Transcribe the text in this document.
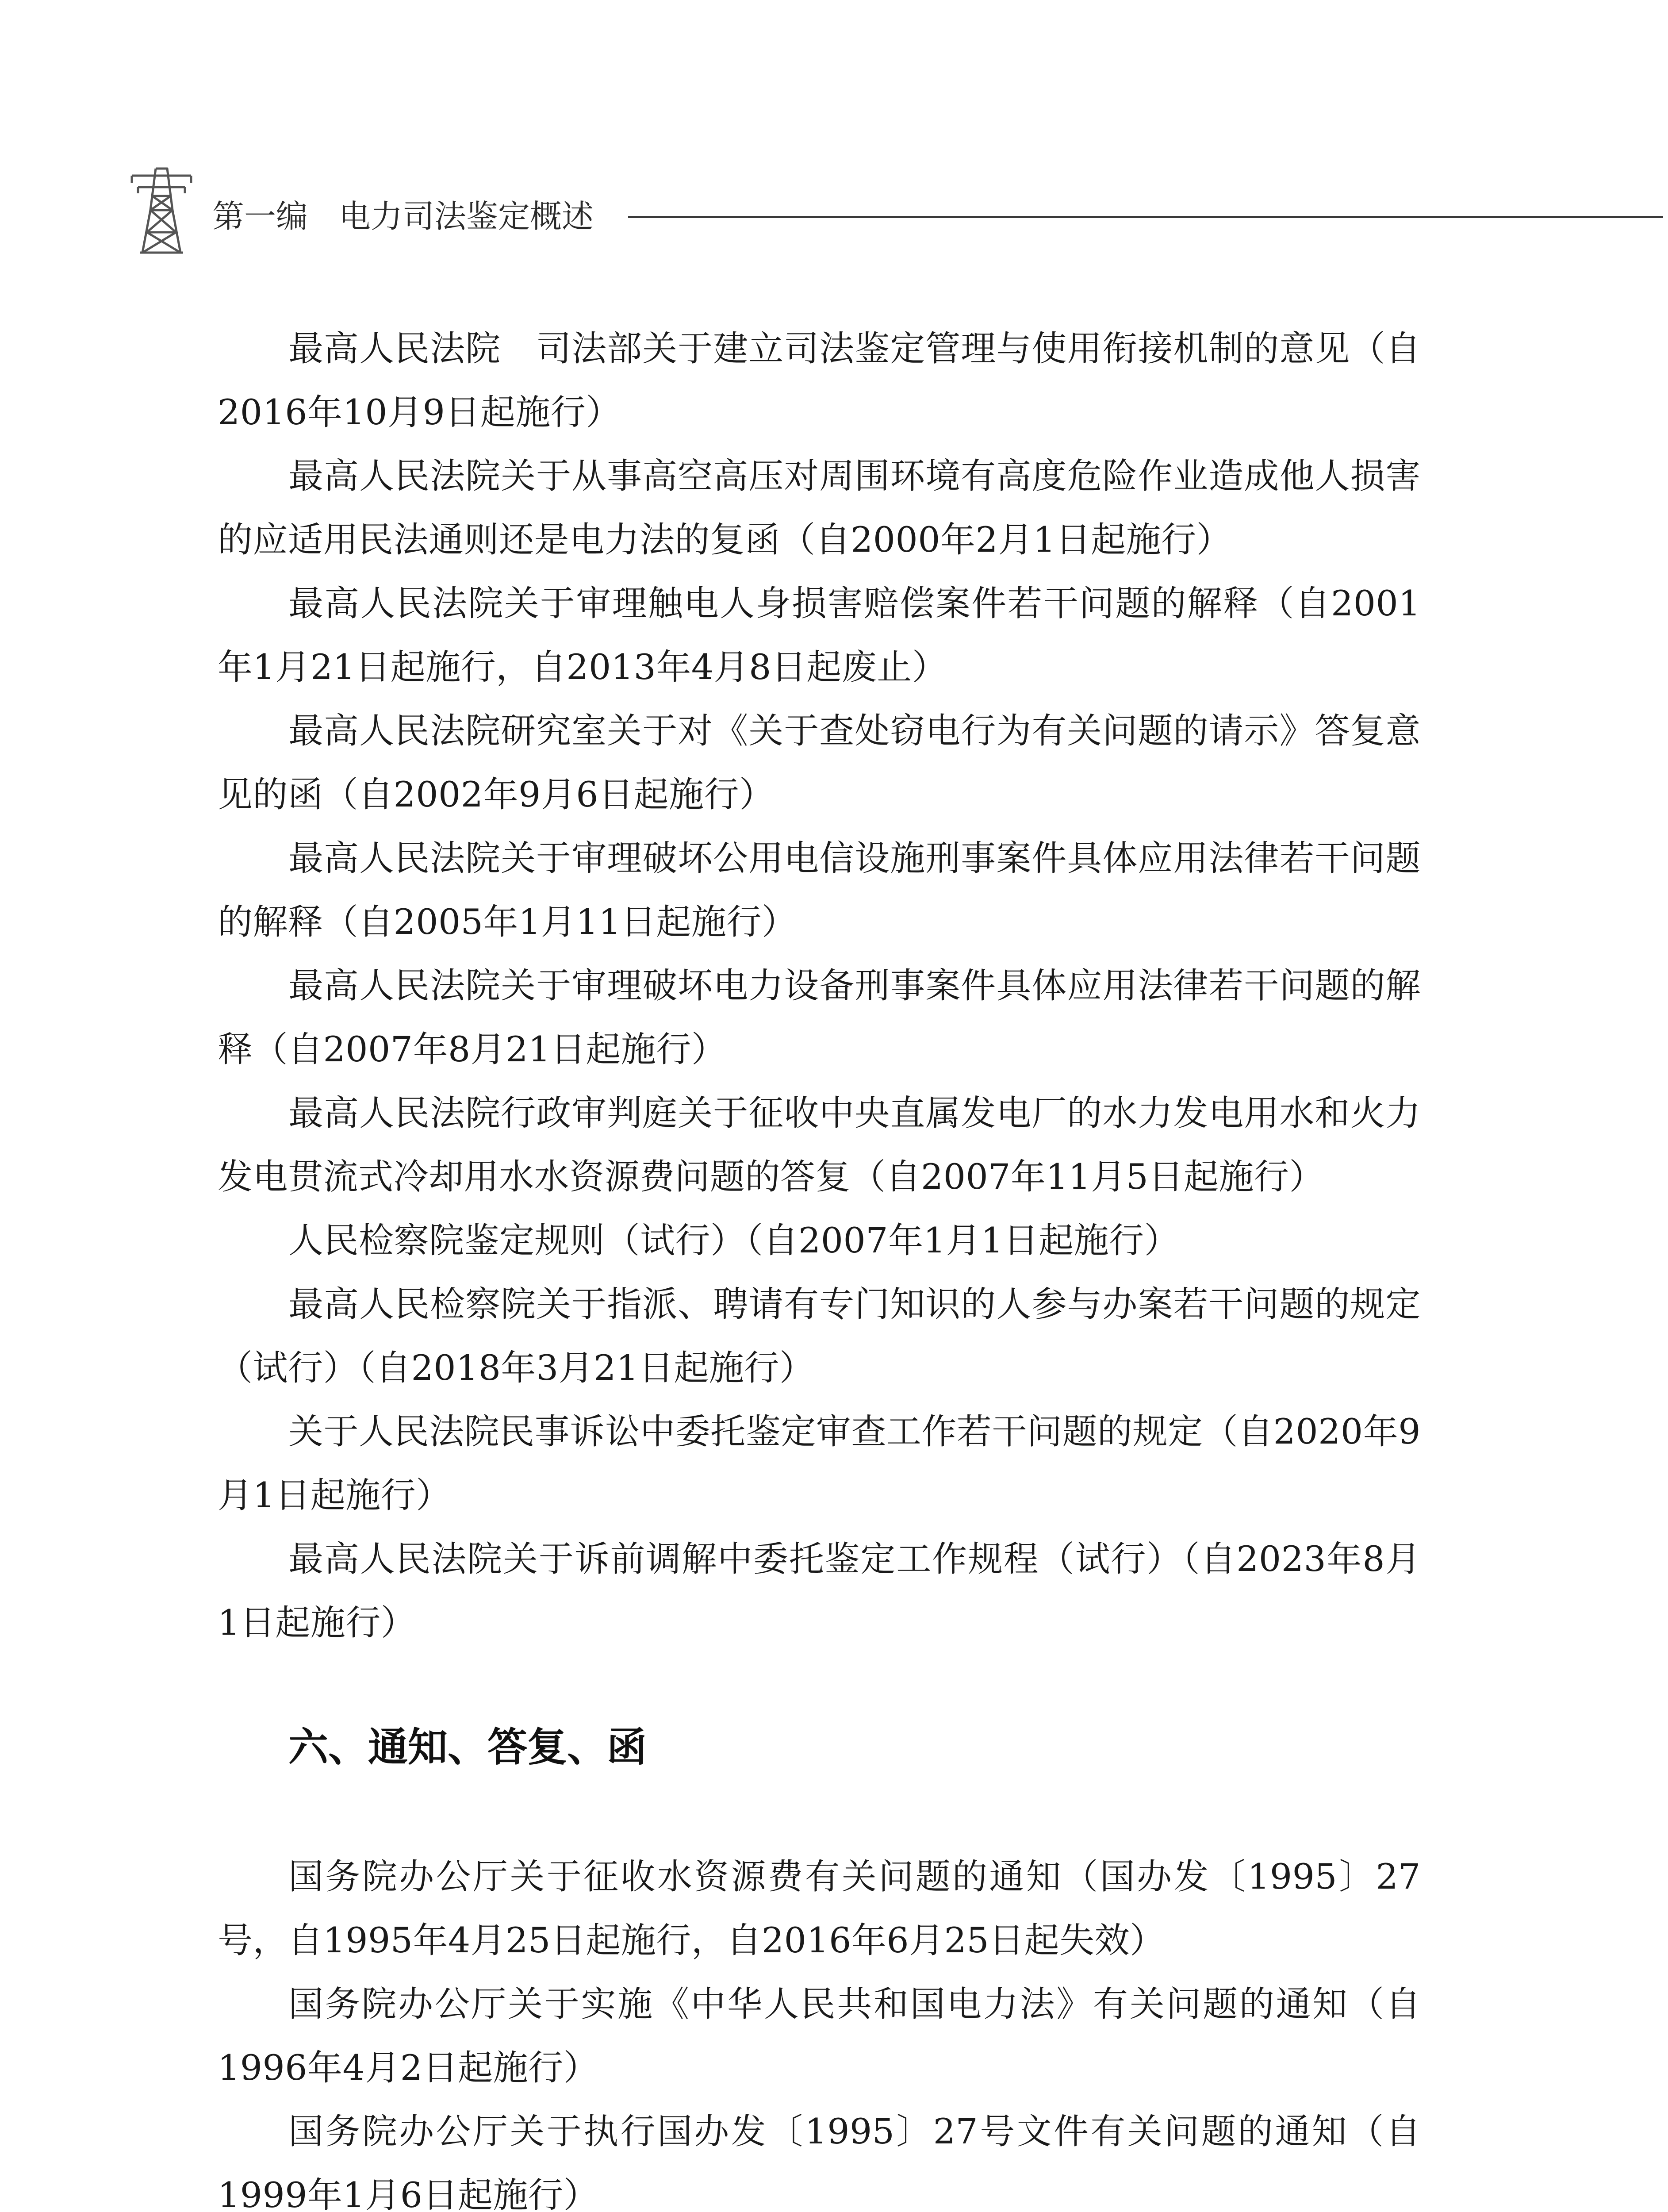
第一编 电力司法鉴定概述

最高人民法院　司法部关于建立司法鉴定管理与使用衔接机制的意见（自2016年10月9日起施行）

最高人民法院关于从事高空高压对周围环境有高度危险作业造成他人损害的应适用民法通则还是电力法的复函（自2000年2月1日起施行）

最高人民法院关于审理触电人身损害赔偿案件若干问题的解释（自2001年1月21日起施行，自2013年4月8日起废止）

最高人民法院研究室关于对《关于查处窃电行为有关问题的请示》答复意见的函（自2002年9月6日起施行）

最高人民法院关于审理破坏公用电信设施刑事案件具体应用法律若干问题的解释（自2005年1月11日起施行）

最高人民法院关于审理破坏电力设备刑事案件具体应用法律若干问题的解释（自2007年8月21日起施行）

最高人民法院行政审判庭关于征收中央直属发电厂的水力发电用水和火力发电贯流式冷却用水水资源费问题的答复（自2007年11月5日起施行）

人民检察院鉴定规则（试行）（自2007年1月1日起施行）

最高人民检察院关于指派、聘请有专门知识的人参与办案若干问题的规定（试行）（自2018年3月21日起施行）

关于人民法院民事诉讼中委托鉴定审查工作若干问题的规定（自2020年9月1日起施行）

最高人民法院关于诉前调解中委托鉴定工作规程（试行）（自2023年8月1日起施行）

六、通知、答复、函

国务院办公厅关于征收水资源费有关问题的通知（国办发〔1995〕27号，自1995年4月25日起施行，自2016年6月25日起失效）

国务院办公厅关于实施《中华人民共和国电力法》有关问题的通知（自1996年4月2日起施行）

国务院办公厅关于执行国办发〔1995〕27号文件有关问题的通知（自1999年1月6日起施行）
